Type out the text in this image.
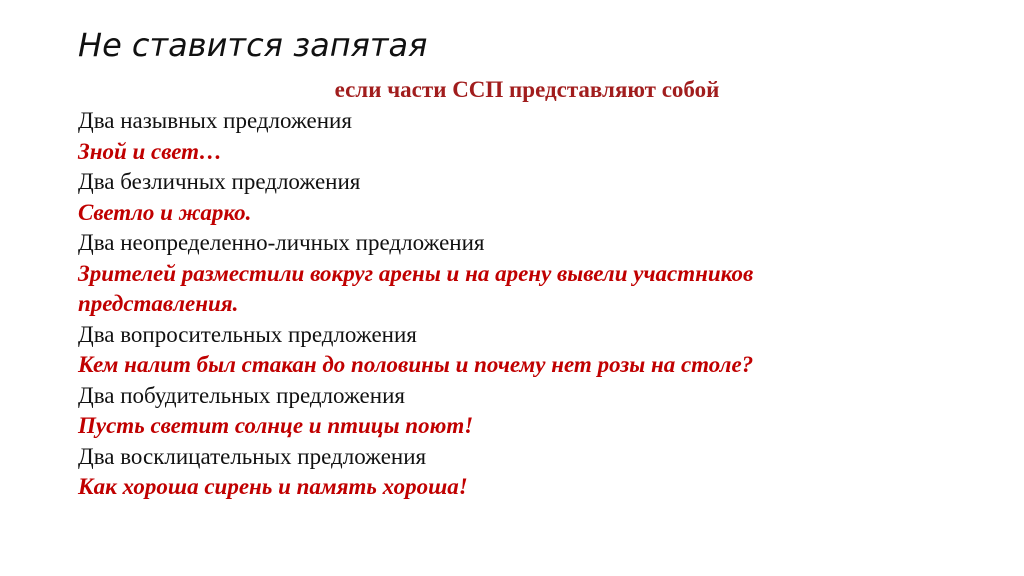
Не ставится запятая
если части ССП представляют собой
Два назывных предложения
Зной и свет…
Два безличных предложения
Светло и жарко.
Два неопределенно-личных предложения
Зрителей разместили вокруг арены и на арену вывели участников
представления.
Два вопросительных предложения
Кем налит был стакан до половины и почему нет розы на столе?
Два побудительных предложения
Пусть светит солнце и птицы поют!
Два восклицательных предложения
Как хороша сирень и память хороша!
